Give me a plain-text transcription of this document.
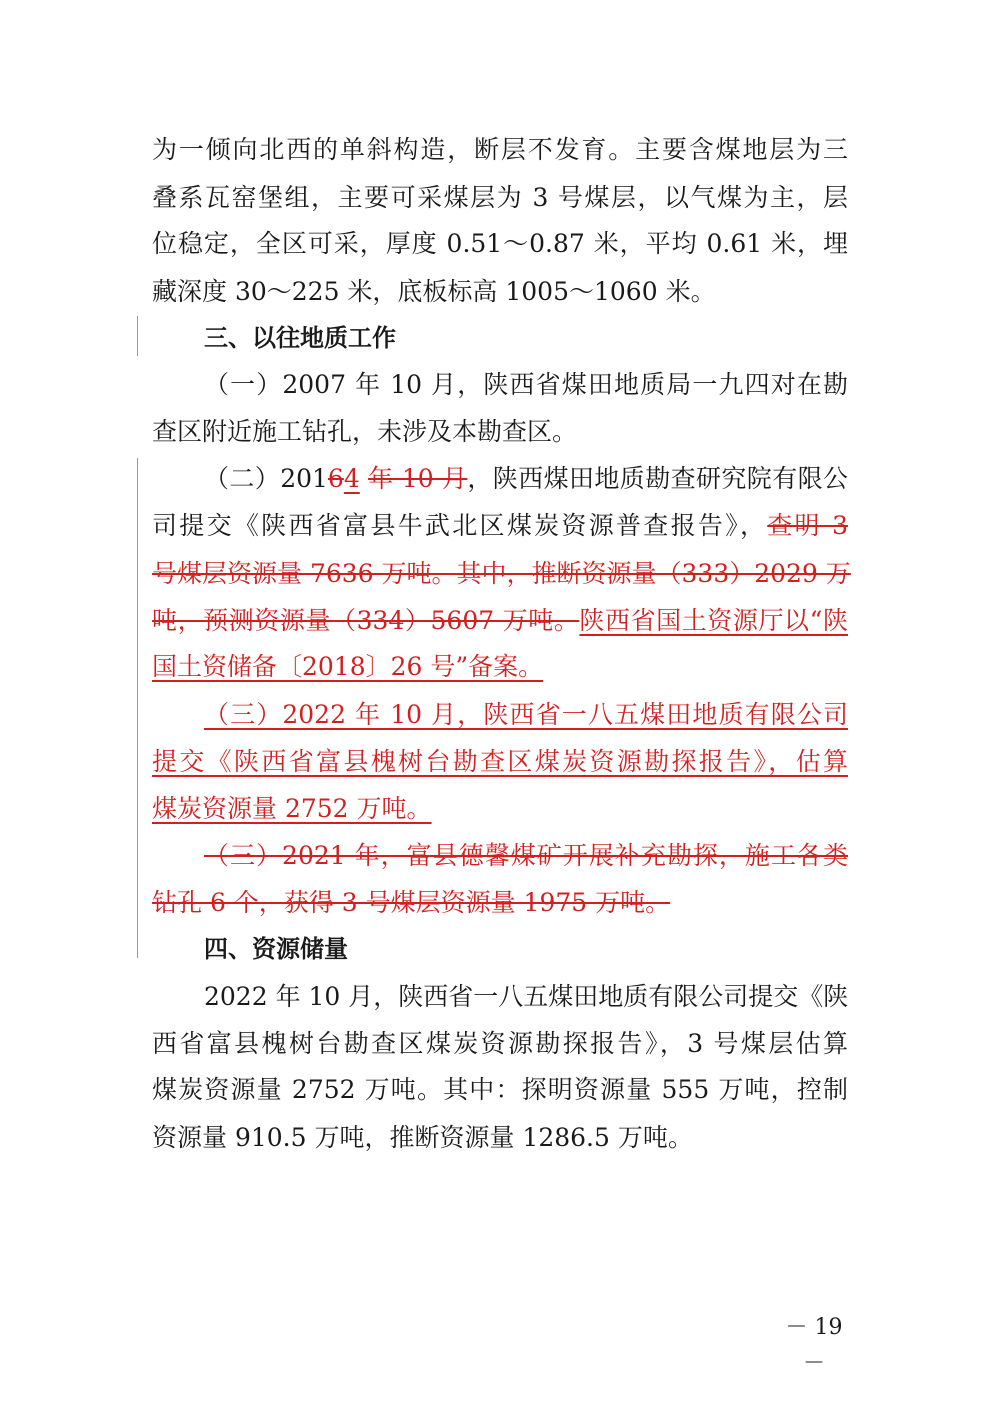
为一倾向北西的单斜构造，断层不发育。主要含煤地层为三
叠系瓦窑堡组，主要可采煤层为 3 号煤层，以气煤为主，层
位稳定，全区可采，厚度 0.51～0.87 米，平均 0.61 米，埋
藏深度 30～225 米，底板标高 1005～1060 米。
三、以往地质工作
（一）2007 年 10 月，陕西省煤田地质局一九四对在勘
查区附近施工钻孔，未涉及本勘查区。
（二）20164 年 10 月，陕西煤田地质勘查研究院有限公
司提交《陕西省富县牛武北区煤炭资源普查报告》，查明 3
号煤层资源量 7636 万吨。其中，推断资源量（333）2029 万
吨，预测资源量（334）5607 万吨。陕西省国土资源厅以“陕
国土资储备〔2018〕26 号”备案。
（三）2022 年 10 月，陕西省一八五煤田地质有限公司
提交《陕西省富县槐树台勘查区煤炭资源勘探报告》，估算
煤炭资源量 2752 万吨。
（三）2021 年，富县德馨煤矿开展补充勘探，施工各类
钻孔 6 个，获得 3 号煤层资源量 1975 万吨。
四、资源储量
2022 年 10 月，陕西省一八五煤田地质有限公司提交《陕
西省富县槐树台勘查区煤炭资源勘探报告》，3 号煤层估算
煤炭资源量 2752 万吨。其中：探明资源量 555 万吨，控制
资源量 910.5 万吨，推断资源量 1286.5 万吨。
－ 19 －
